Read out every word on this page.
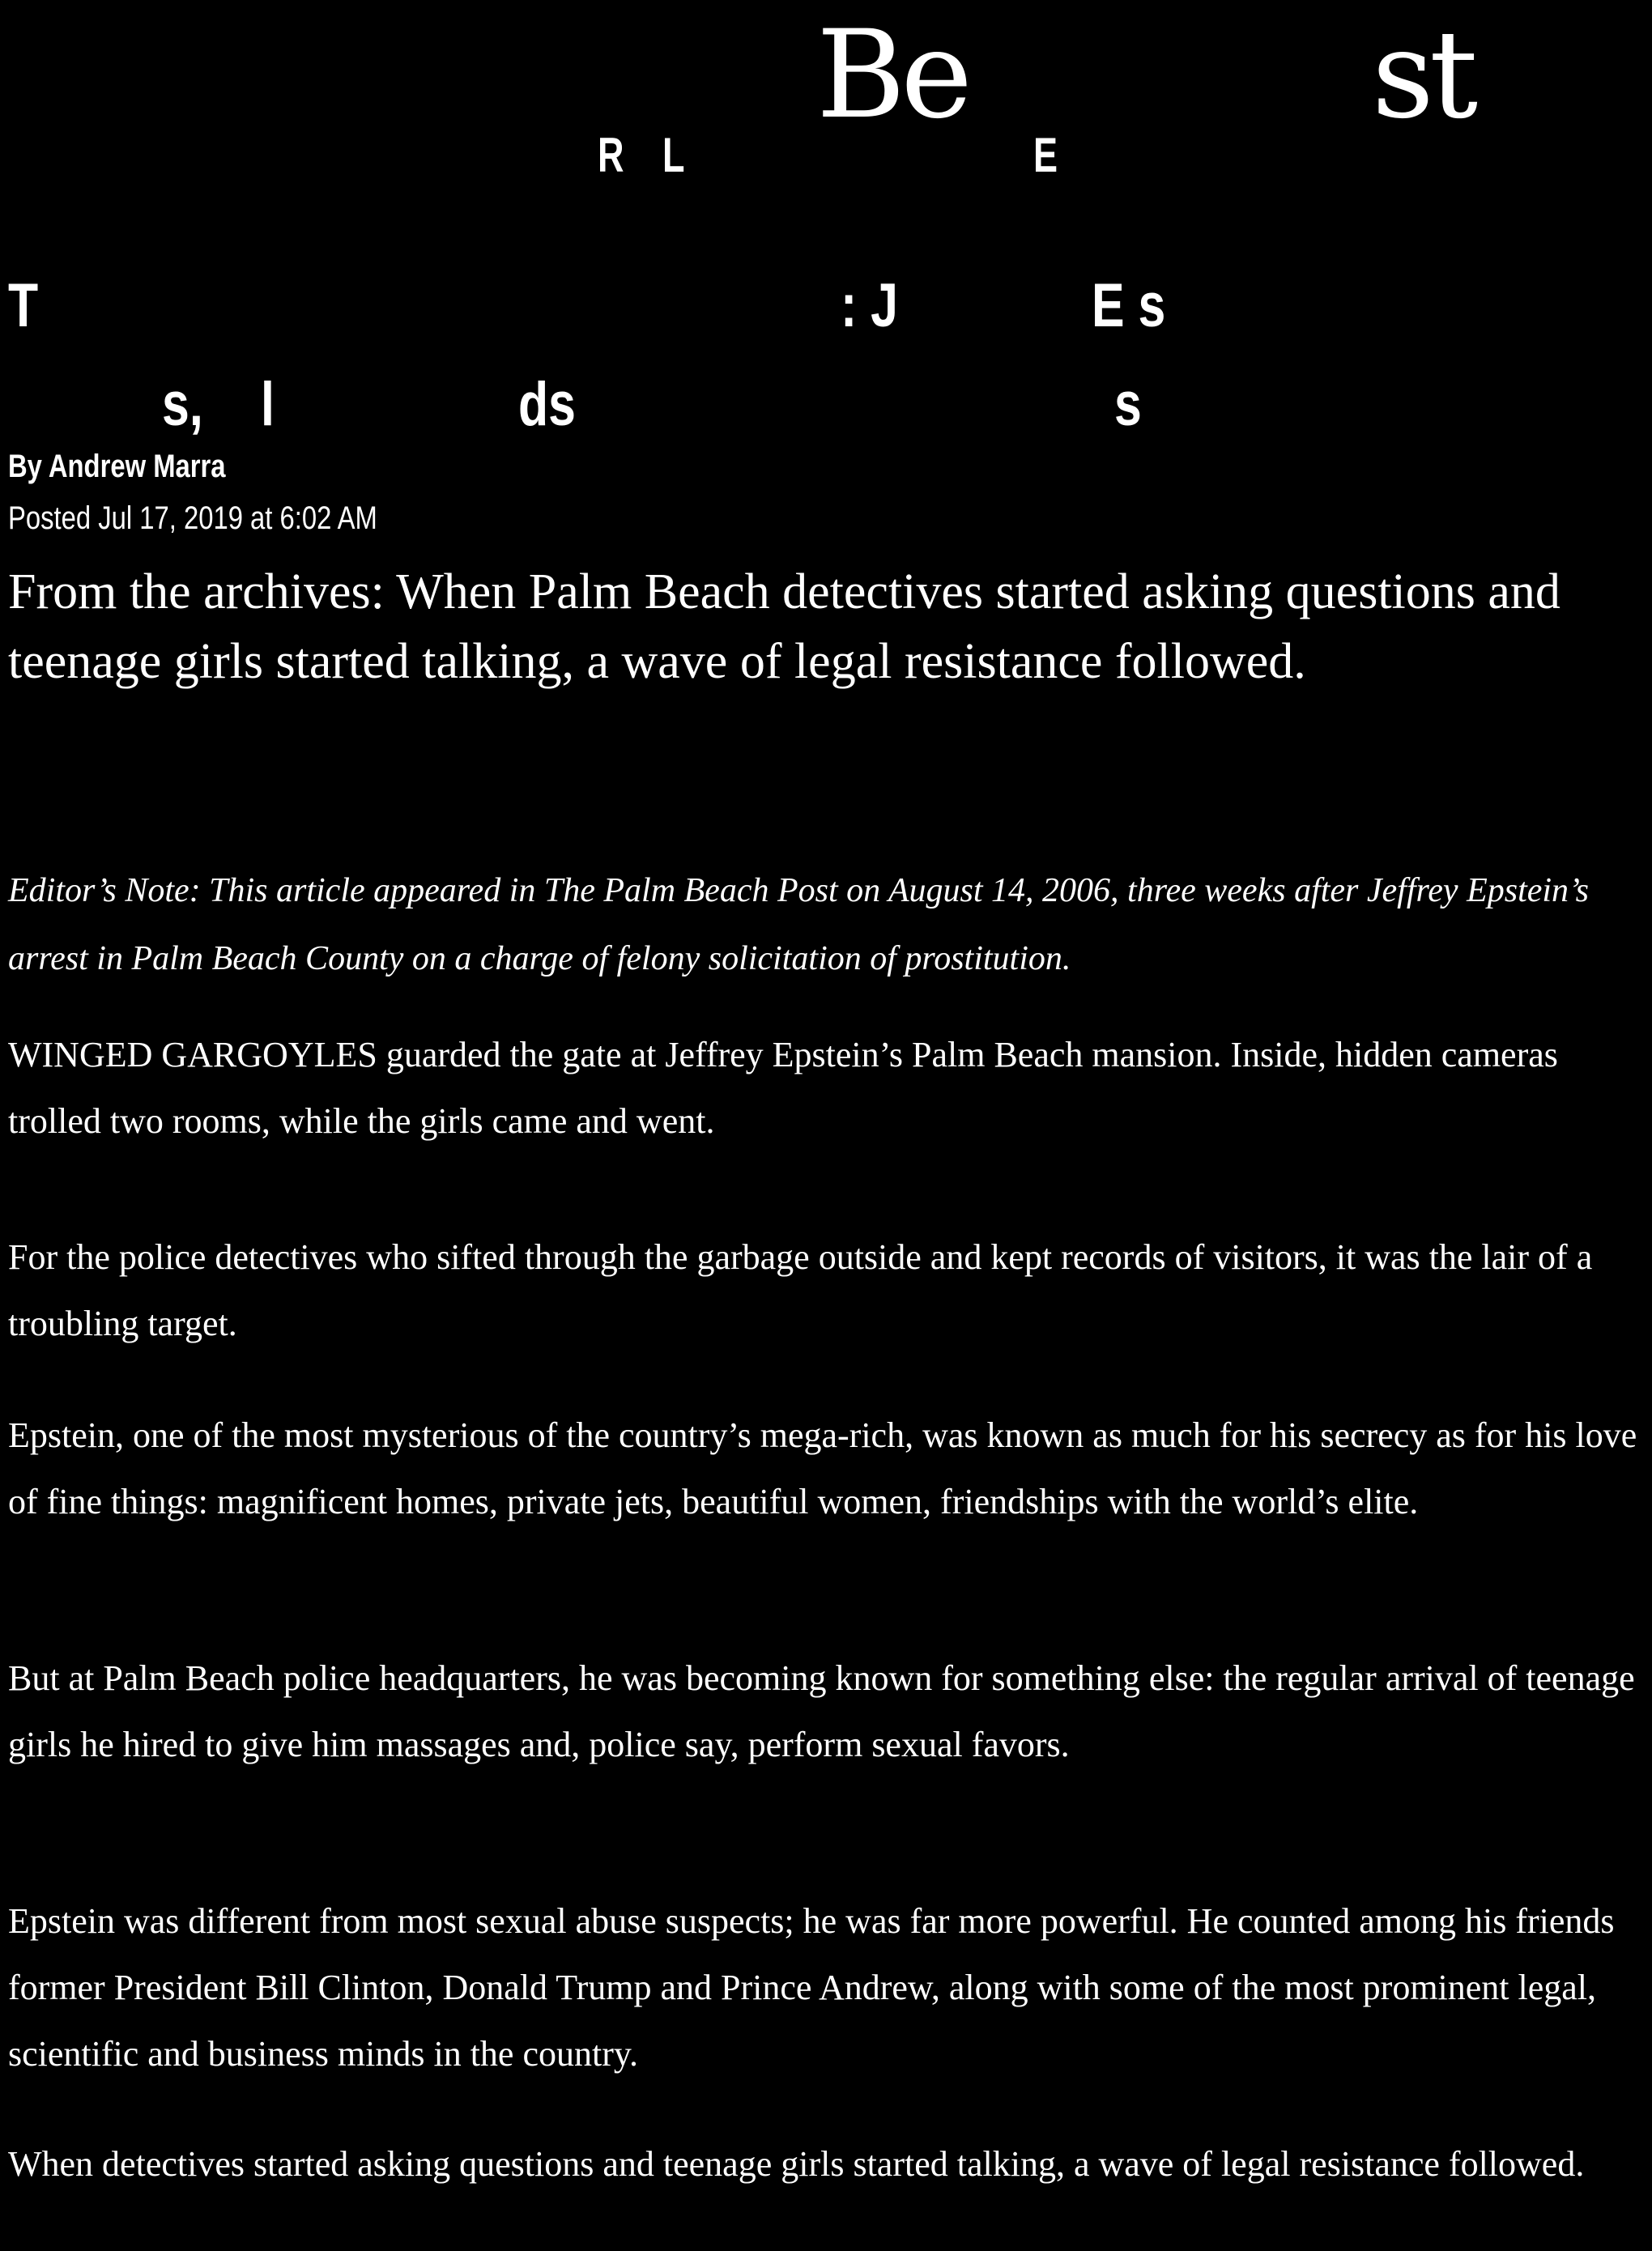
Be	st
R L	E
T	: J	E s
s, l	ds	s
By Andrew Marra
Posted Jul 17, 2019 at 6:02 AM

From the archives: When Palm Beach detectives started asking questions and teenage girls started talking, a wave of legal resistance followed.

Editor’s Note: This article appeared in The Palm Beach Post on August 14, 2006, three weeks after Jeffrey Epstein’s arrest in Palm Beach County on a charge of felony solicitation of prostitution.

WINGED GARGOYLES guarded the gate at Jeffrey Epstein’s Palm Beach mansion. Inside, hidden cameras trolled two rooms, while the girls came and went.

For the police detectives who sifted through the garbage outside and kept records of visitors, it was the lair of a troubling target.

Epstein, one of the most mysterious of the country’s mega-rich, was known as much for his secrecy as for his love of fine things: magnificent homes, private jets, beautiful women, friendships with the world’s elite.

But at Palm Beach police headquarters, he was becoming known for something else: the regular arrival of teenage girls he hired to give him massages and, police say, perform sexual favors.

Epstein was different from most sexual abuse suspects; he was far more powerful. He counted among his friends former President Bill Clinton, Donald Trump and Prince Andrew, along with some of the most prominent legal, scientific and business minds in the country.

When detectives started asking questions and teenage girls started talking, a wave of legal resistance followed.
